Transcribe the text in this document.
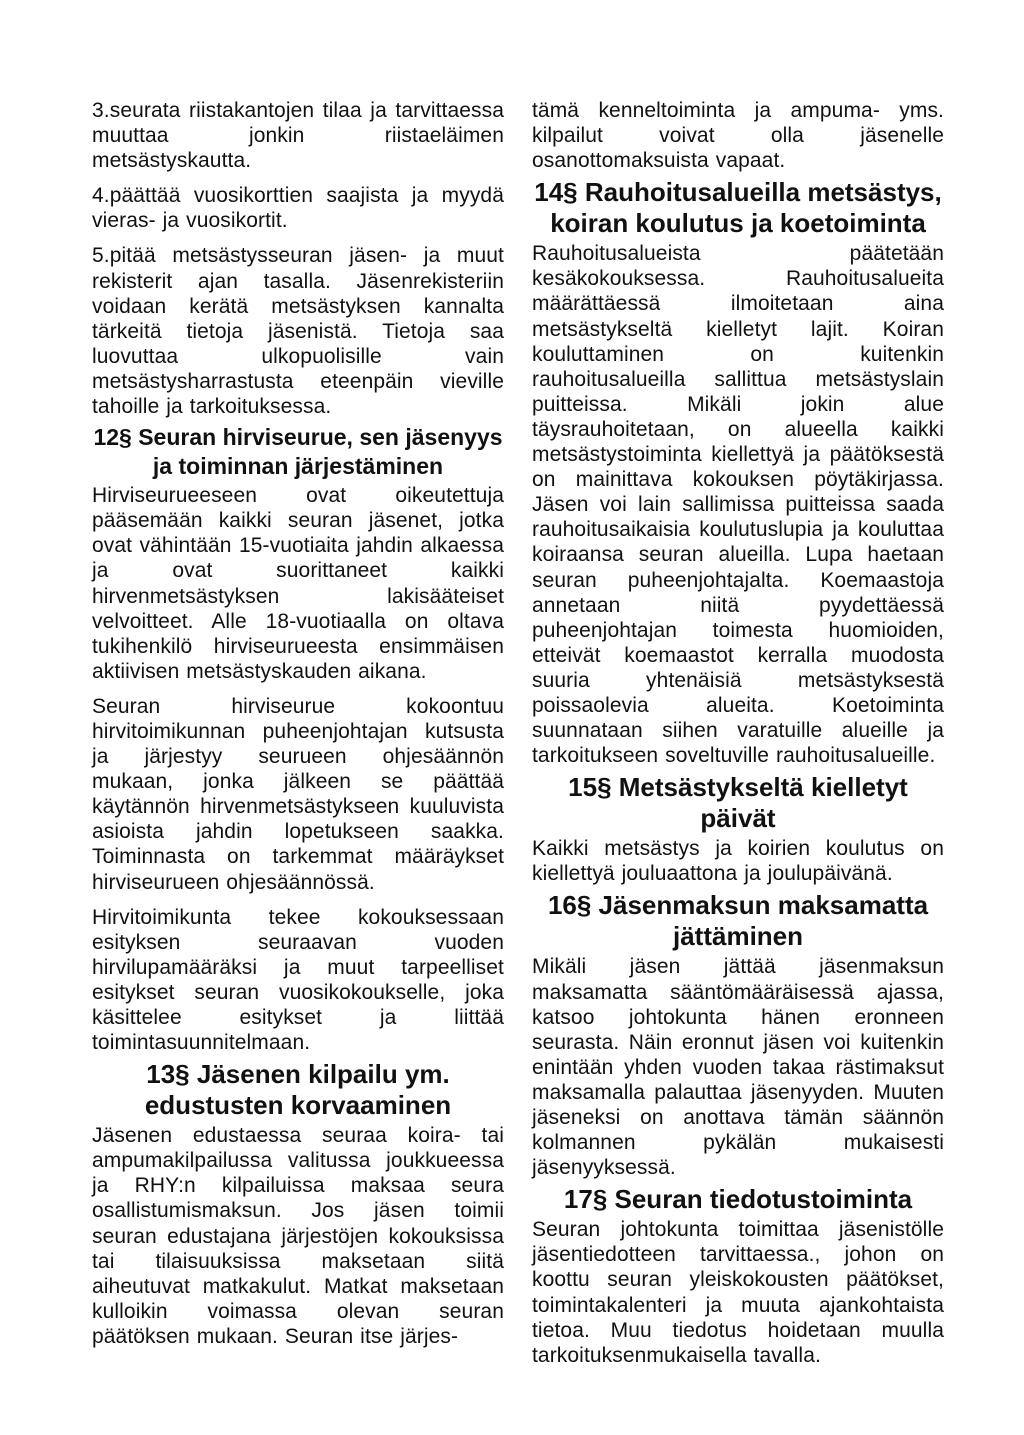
3.seurata riistakantojen tilaa ja tarvittaessa muuttaa jonkin riistaeläimen metsästyskautta.

4.päättää vuosikorttien saajista ja myydä vieras- ja vuosikortit.

5.pitää metsästysseuran jäsen- ja muut rekisterit ajan tasalla. Jäsenrekisteriin voidaan kerätä metsästyksen kannalta tärkeitä tietoja jäsenistä. Tietoja saa luovuttaa ulkopuolisille vain metsästysharrastusta eteenpäin vieville tahoille ja tarkoituksessa.

12§ Seuran hirviseurue, sen jäsenyys ja toiminnan järjestäminen

Hirviseurueeseen ovat oikeutettuja pääsemään kaikki seuran jäsenet, jotka ovat vähintään 15-vuotiaita jahdin alkaessa ja ovat suorittaneet kaikki hirvenmetsästyksen lakisääteiset velvoitteet. Alle 18-vuotiaalla on oltava tukihenkilö hirviseurueesta ensimmäisen aktiivisen metsästyskauden aikana.

Seuran hirviseurue kokoontuu hirvitoimikunnan puheenjohtajan kutsusta ja järjestyy seurueen ohjesäännön mukaan, jonka jälkeen se päättää käytännön hirvenmetsästykseen kuuluvista asioista jahdin lopetukseen saakka. Toiminnasta on tarkemmat määräykset hirviseurueen ohjesäännössä.

Hirvitoimikunta tekee kokouksessaan esityksen seuraavan vuoden hirvilupamääräksi ja muut tarpeelliset esitykset seuran vuosikokoukselle, joka käsittelee esitykset ja liittää toimintasuunnitelmaan.

13§ Jäsenen kilpailu ym. edustusten korvaaminen

Jäsenen edustaessa seuraa koira- tai ampumakilpailussa valitussa joukkueessa ja RHY:n kilpailuissa maksaa seura osallistumismaksun. Jos jäsen toimii seuran edustajana järjestöjen kokouksissa tai tilaisuuksissa maksetaan siitä aiheutuvat matkakulut. Matkat maksetaan kulloikin voimassa olevan seuran päätöksen mukaan. Seuran itse järjes-

tämä kenneltoiminta ja ampuma- yms. kilpailut voivat olla jäsenelle osanottomaksuista vapaat.

14§ Rauhoitusalueilla metsästys, koiran koulutus ja koetoiminta

Rauhoitusalueista päätetään kesäkokouksessa. Rauhoitusalueita määrättäessä ilmoitetaan aina metsästykseltä kielletyt lajit. Koiran kouluttaminen on kuitenkin rauhoitusalueilla sallittua metsästyslain puitteissa. Mikäli jokin alue täysrauhoitetaan, on alueella kaikki metsästystoiminta kiellettyä ja päätöksestä on mainittava kokouksen pöytäkirjassa. Jäsen voi lain sallimissa puitteissa saada rauhoitusaikaisia koulutuslupia ja kouluttaa koiraansa seuran alueilla. Lupa haetaan seuran puheenjohtajalta. Koemaastoja annetaan niitä pyydettäessä puheenjohtajan toimesta huomioiden, etteivät koemaastot kerralla muodosta suuria yhtenäisiä metsästyksestä poissaolevia alueita. Koetoiminta suunnataan siihen varatuille alueille ja tarkoitukseen soveltuville rauhoitusalueille.

15§ Metsästykseltä kielletyt päivät

Kaikki metsästys ja koirien koulutus on kiellettyä jouluaattona ja joulupäivänä.

16§ Jäsenmaksun maksamatta jättäminen

Mikäli jäsen jättää jäsenmaksun maksamatta sääntömääräisessä ajassa, katsoo johtokunta hänen eronneen seurasta. Näin eronnut jäsen voi kuitenkin enintään yhden vuoden takaa rästimaksut maksamalla palauttaa jäsenyyden. Muuten jäseneksi on anottava tämän säännön kolmannen pykälän mukaisesti jäsenyyksessä.

17§ Seuran tiedotustoiminta

Seuran johtokunta toimittaa jäsenistölle jäsentiedotteen tarvittaessa., johon on koottu seuran yleiskokousten päätökset, toimintakalenteri ja muuta ajankohtaista tietoa. Muu tiedotus hoidetaan muulla tarkoituksenmukaisella tavalla.
